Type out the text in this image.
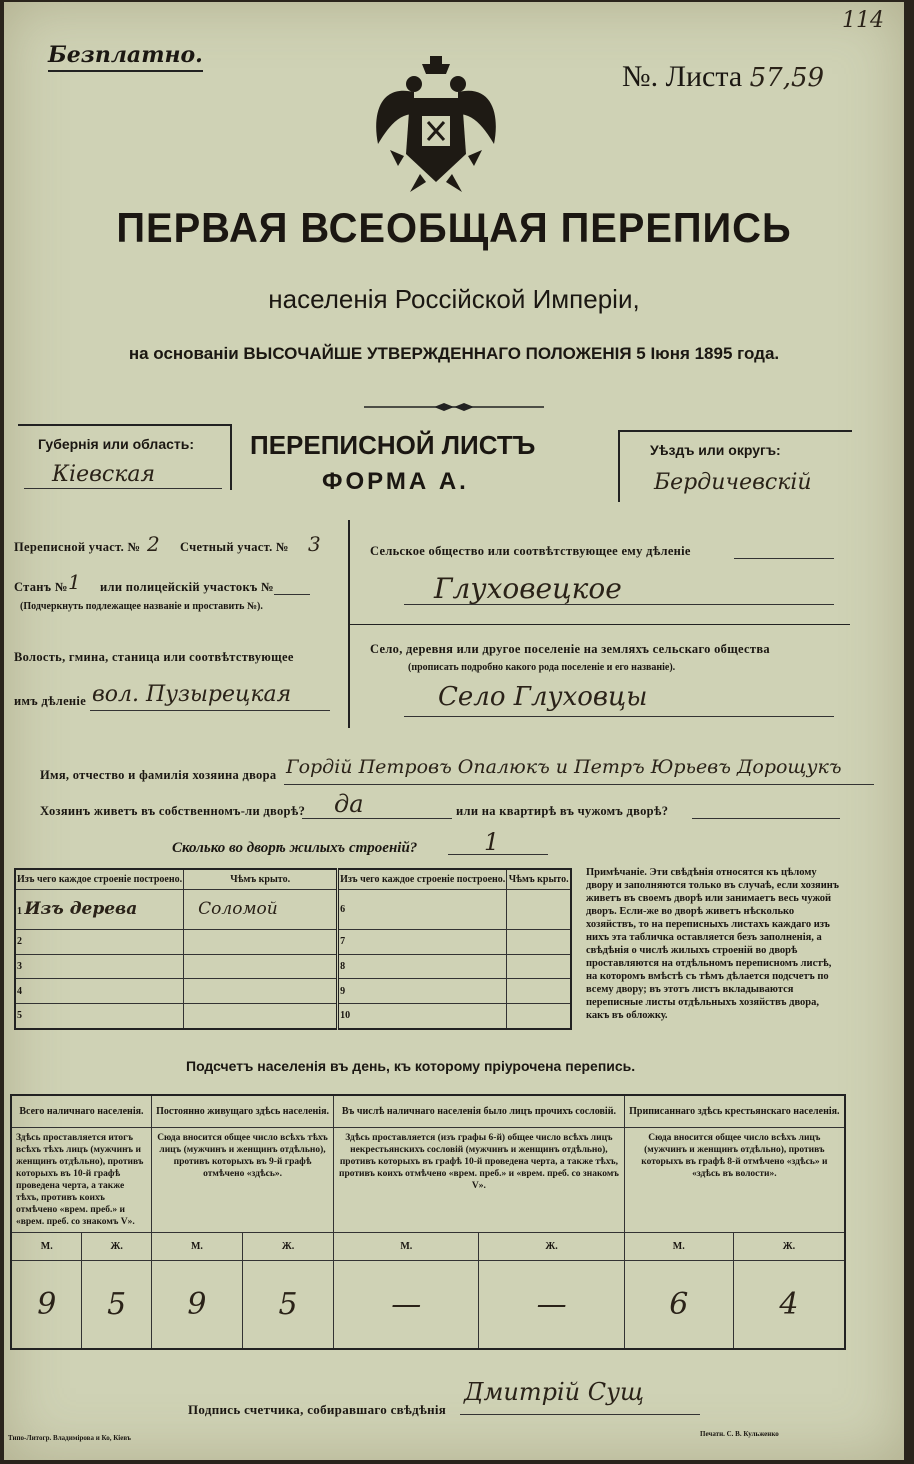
Безплатно.
114
№. Листа 57,59
ПЕРВАЯ ВСЕОБЩАЯ ПЕРЕПИСЬ
населенія Россійской Имперіи,
на основаніи ВЫСОЧАЙШЕ УТВЕРЖДЕННАГО ПОЛОЖЕНІЯ 5 Іюня 1895 года.
Губернія или область:
Кіевская
ПЕРЕПИСНОЙ ЛИСТЪ
ФОРМА А.
Уѣздъ или округъ:
Бердичевскій
Переписной участ. № 2 Счетный участ. № 3
Станъ № 1 или полицейскій участокъ №
(Подчеркнуть подлежащее названіе и проставить №).
Волость, гмина, станица или соотвѣтствующее
имъ дѣленіе вол. Пузырецкая
Сельское общество или соотвѣтствующее ему дѣленіе
Глуховецкое
Село, деревня или другое поселеніе на земляхъ сельскаго общества
(прописать подробно какого рода поселеніе и его названіе).
Село Глуховцы
Имя, отчество и фамилія хозяина двора Гордій Петровъ Опалюкъ и Петръ Юрьевъ Дорощукъ
Хозяинъ живетъ въ собственномъ-ли дворѣ? да	или на квартирѣ въ чужомъ дворѣ?
Сколько во дворѣ жилыхъ строеній?	1
Изъ чего каждое строеніе построено.	Чѣмъ крыто.	Изъ чего каждое строеніе построено.	Чѣмъ крыто.
1 Изъ дерева	Соломой	6	
2		7	
3		8	
4		9	
5		10	
Примѣчаніе. Эти свѣдѣнія относятся къ цѣлому двору и заполняются только въ случаѣ, если хозяинъ живетъ въ своемъ дворѣ или занимаетъ весь чужой дворъ. Если-же во дворѣ живетъ нѣсколько хозяйствъ, то на переписныхъ листахъ каждаго изъ нихъ эта табличка оставляется безъ заполненія, а свѣдѣнія о числѣ жилыхъ строеній во дворѣ проставляются на отдѣльномъ переписномъ листѣ, на которомъ вмѣстѣ съ тѣмъ дѣлается подсчетъ по всему двору; въ этотъ листъ вкладываются переписные листы отдѣльныхъ хозяйствъ двора, какъ въ обложку.
Подсчетъ населенія въ день, къ которому пріурочена перепись.
Всего наличнаго населенія.		Постоянно живущаго здѣсь населенія.		Въ числѣ наличнаго населенія было лицъ прочихъ сословій.		Приписаннаго здѣсь крестьянскаго населенія.	
Здѣсь проставляется итогъ всѣхъ тѣхъ лицъ (мужчинъ и женщинъ отдѣльно), противъ которыхъ въ 10-й графѣ проведена черта, а также тѣхъ, противъ коихъ отмѣчено «врем. преб.» и «врем. преб. со знакомъ V».		Сюда вносится общее число всѣхъ тѣхъ лицъ (мужчинъ и женщинъ отдѣльно), противъ которыхъ въ 9-й графѣ отмѣчено «здѣсь».		Здѣсь проставляется (изъ графы 6-й) общее число всѣхъ лицъ некрестьянскихъ сословій (мужчинъ и женщинъ отдѣльно), противъ которыхъ въ графѣ 10-й проведена черта, а также тѣхъ, противъ коихъ отмѣчено «врем. преб.» и «врем. преб. со знакомъ V».		Сюда вносится общее число всѣхъ лицъ (мужчинъ и женщинъ отдѣльно), противъ которыхъ въ графѣ 8-й отмѣчено «здѣсь» и «здѣсь въ волости».	
М.	Ж.	М.	Ж.	М.	Ж.	М.	Ж.
9	5	9	5	—	—	6	4
Подпись счетчика, собиравшаго свѣдѣнія
Дмитрій Сущ
Типо-Литогр. Владимірова и Ко, Кіевъ	Печатн. С. В. Кульженко
